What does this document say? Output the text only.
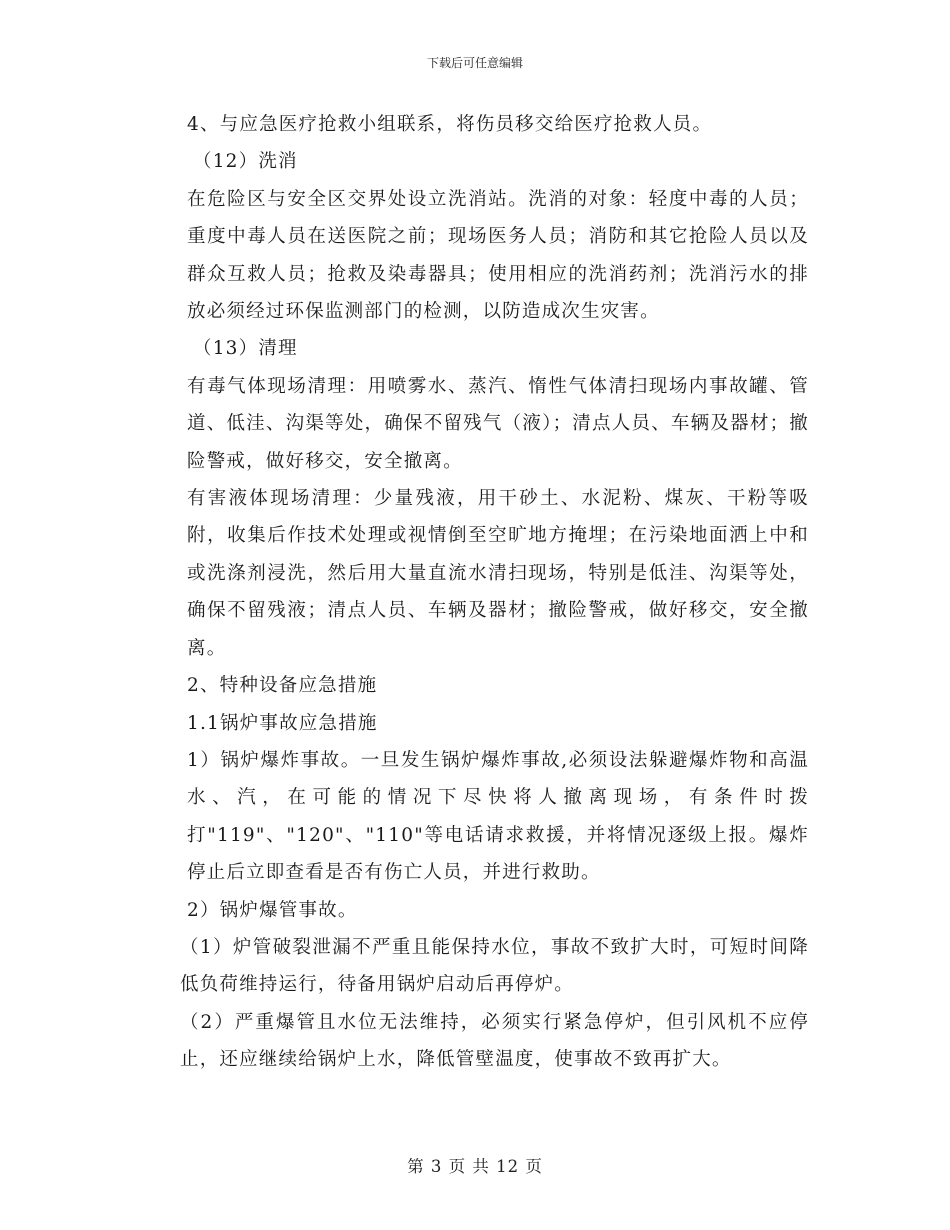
下载后可任意编辑

4、与应急医疗抢救小组联系，将伤员移交给医疗抢救人员。

（12）洗消

在危险区与安全区交界处设立洗消站。洗消的对象：轻度中毒的人员；重度中毒人员在送医院之前；现场医务人员；消防和其它抢险人员以及群众互救人员；抢救及染毒器具；使用相应的洗消药剂；洗消污水的排放必须经过环保监测部门的检测，以防造成次生灾害。

（13）清理

有毒气体现场清理：用喷雾水、蒸汽、惰性气体清扫现场内事故罐、管道、低洼、沟渠等处，确保不留残气（液）；清点人员、车辆及器材；撤险警戒，做好移交，安全撤离。

有害液体现场清理：少量残液，用干砂土、水泥粉、煤灰、干粉等吸附，收集后作技术处理或视情倒至空旷地方掩埋；在污染地面洒上中和或洗涤剂浸洗，然后用大量直流水清扫现场，特别是低洼、沟渠等处，确保不留残液；清点人员、车辆及器材；撤险警戒，做好移交，安全撤离。

2、特种设备应急措施

1.1锅炉事故应急措施

1）锅炉爆炸事故。一旦发生锅炉爆炸事故,必须设法躲避爆炸物和高温水、汽，在可能的情况下尽快将人撤离现场，有条件时拨打"119"、"120"、"110"等电话请求救援，并将情况逐级上报。爆炸停止后立即查看是否有伤亡人员，并进行救助。

2）锅炉爆管事故。

（1）炉管破裂泄漏不严重且能保持水位，事故不致扩大时，可短时间降低负荷维持运行，待备用锅炉启动后再停炉。

（2）严重爆管且水位无法维持，必须实行紧急停炉，但引风机不应停止，还应继续给锅炉上水，降低管壁温度，使事故不致再扩大。

第 3 页 共 12 页
